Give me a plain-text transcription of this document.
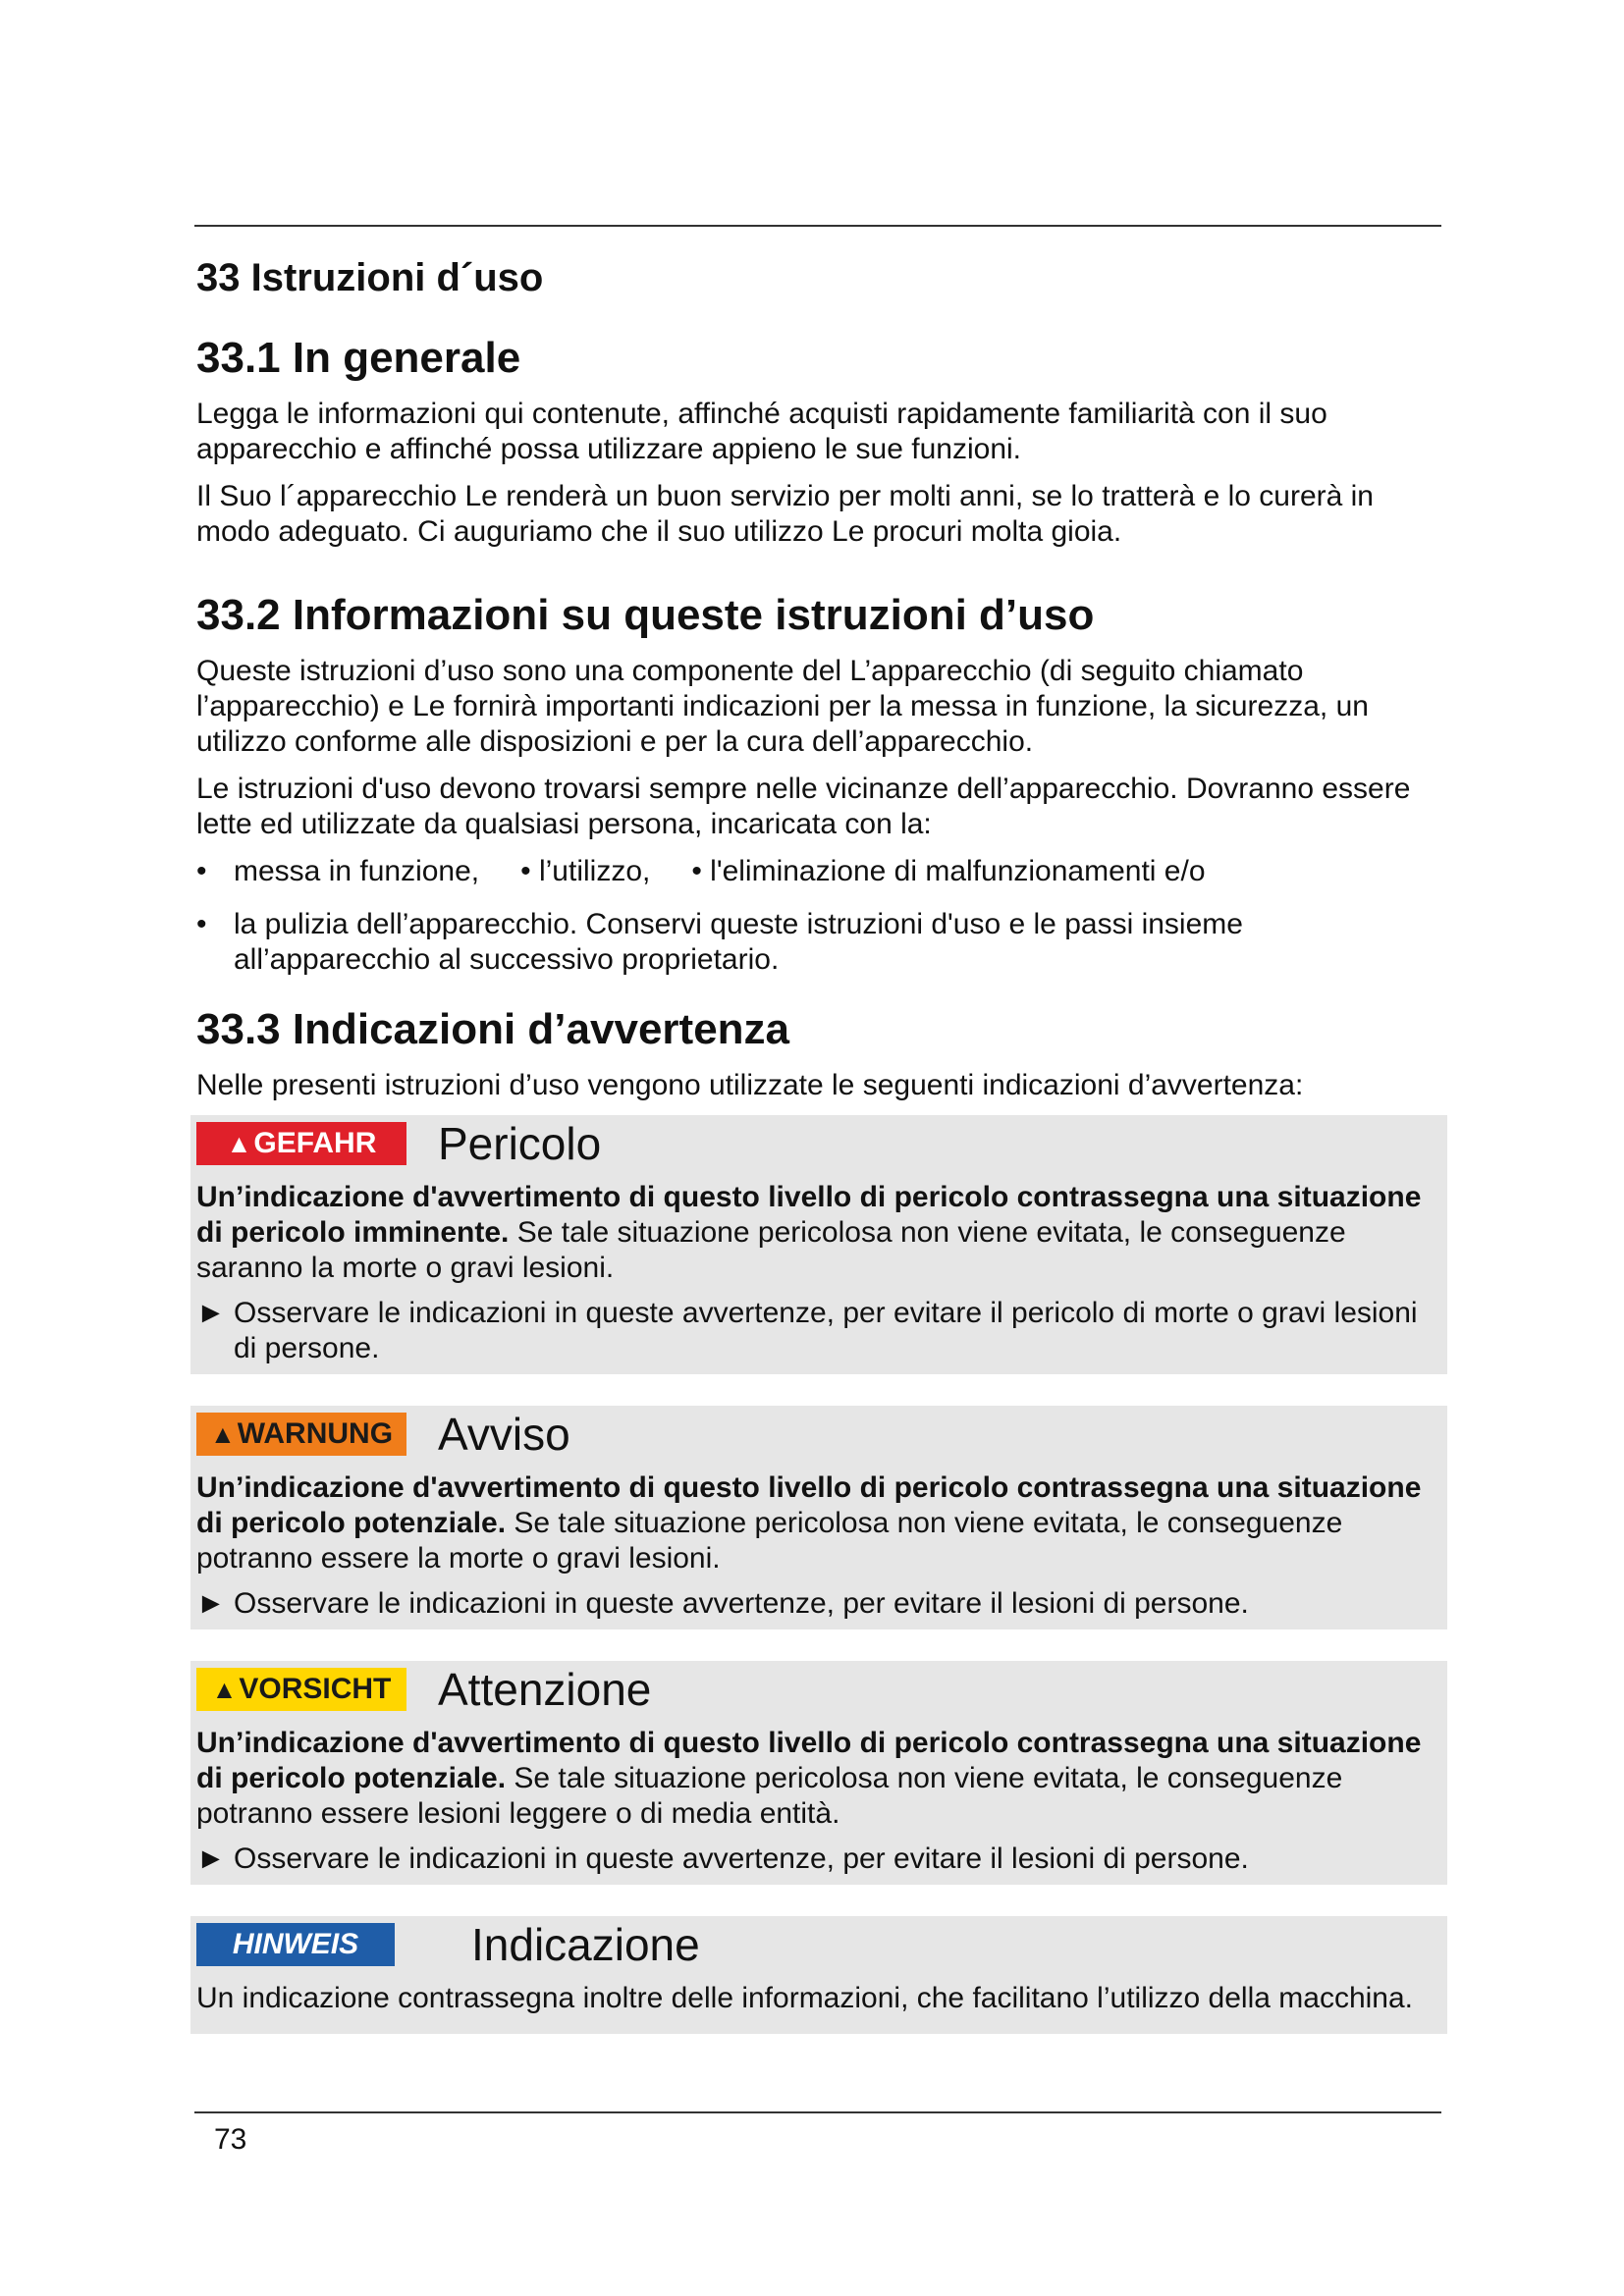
33 Istruzioni d´uso
33.1 In generale

Legga le informazioni qui contenute, affinché acquisti rapidamente familiarità con il suo apparecchio e affinché possa utilizzare appieno le sue funzioni.

Il Suo l´apparecchio Le renderà un buon servizio per molti anni, se lo tratterà e lo curerà in modo adeguato. Ci auguriamo che il suo utilizzo Le procuri molta gioia.

33.2 Informazioni su queste istruzioni d’uso

Queste istruzioni d’uso sono una componente del L’apparecchio (di seguito chiamato l’apparecchio) e Le fornirà importanti indicazioni per la messa in funzione, la sicurezza, un utilizzo conforme alle disposizioni e per la cura dell’apparecchio.

Le istruzioni d'uso devono trovarsi sempre nelle vicinanze dell’apparecchio. Dovranno essere lette ed utilizzate da qualsiasi persona, incaricata con la:

• messa in funzione, • l’utilizzo, • l'eliminazione di malfunzionamenti e/o
• la pulizia dell’apparecchio. Conservi queste istruzioni d'uso e le passi insieme all’apparecchio al successivo proprietario.
33.3 Indicazioni d’avvertenza

Nelle presenti istruzioni d’uso vengono utilizzate le seguenti indicazioni d’avvertenza:

▲ GEFAHR Pericolo

Un’indicazione d'avvertimento di questo livello di pericolo contrassegna una situazione di pericolo imminente. Se tale situazione pericolosa non viene evitata, le conseguenze saranno la morte o gravi lesioni.

► Osservare le indicazioni in queste avvertenze, per evitare il pericolo di morte o gravi lesioni di persone.
▲ WARNUNG Avviso

Un’indicazione d'avvertimento di questo livello di pericolo contrassegna una situazione di pericolo potenziale. Se tale situazione pericolosa non viene evitata, le conseguenze potranno essere la morte o gravi lesioni.

► Osservare le indicazioni in queste avvertenze, per evitare il lesioni di persone.
▲ VORSICHT Attenzione

Un’indicazione d'avvertimento di questo livello di pericolo contrassegna una situazione di pericolo potenziale. Se tale situazione pericolosa non viene evitata, le conseguenze potranno essere lesioni leggere o di media entità.

► Osservare le indicazioni in queste avvertenze, per evitare il lesioni di persone.
HINWEIS	Indicazione

Un indicazione contrassegna inoltre delle informazioni, che facilitano l’utilizzo della macchina.

73
